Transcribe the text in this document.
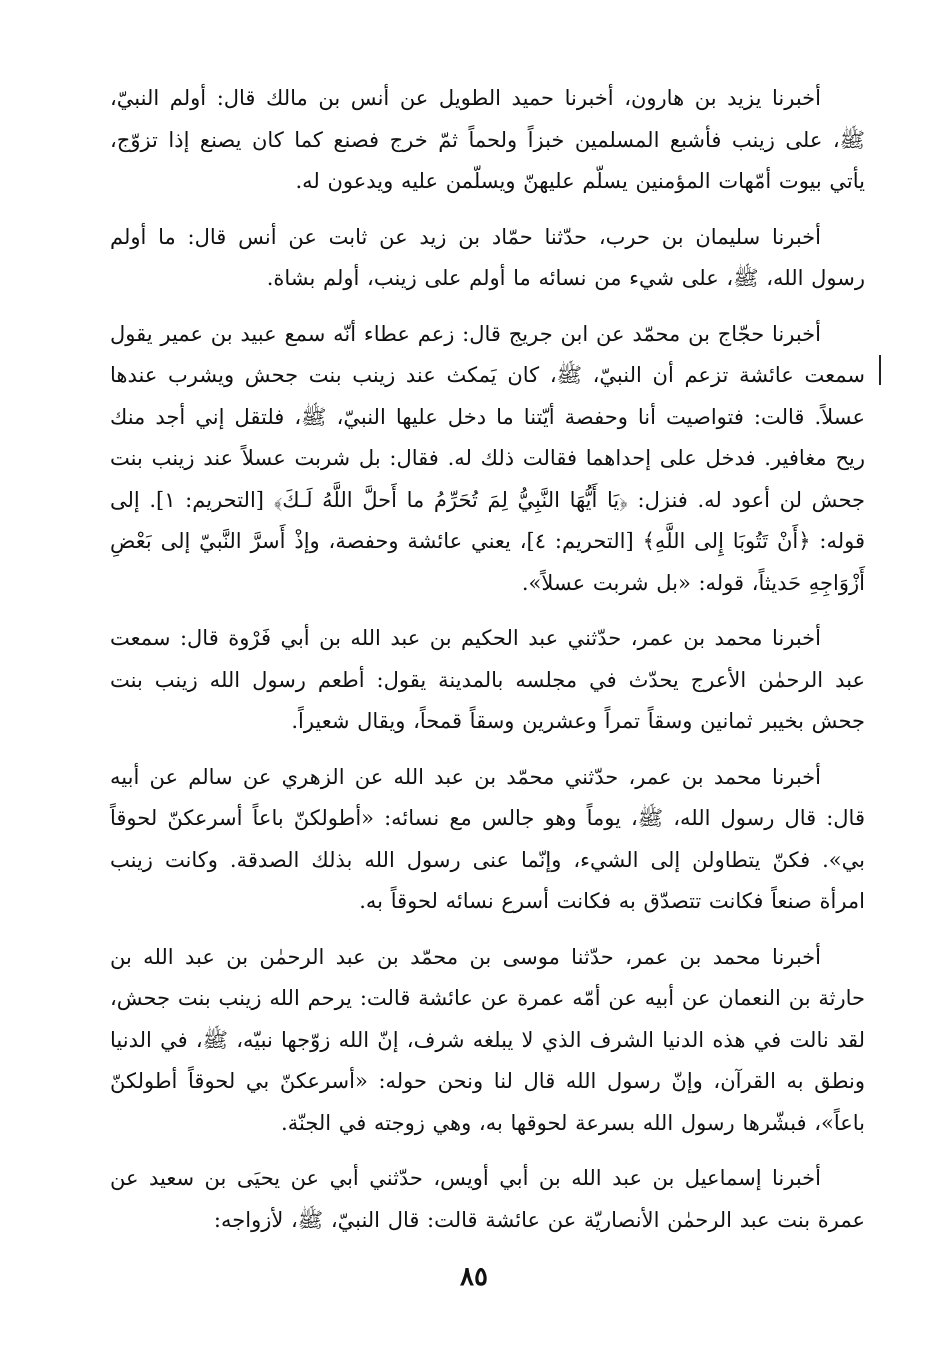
أخبرنا يزيد بن هارون، أخبرنا حميد الطويل عن أنس بن مالك قال: أولم النبيّ، ﷺ، على زينب فأشبع المسلمين خبزاً ولحماً ثمّ خرج فصنع كما كان يصنع إذا تزوّج، يأتي بيوت أمّهات المؤمنين يسلّم عليهنّ ويسلّمن عليه ويدعون له.

أخبرنا سليمان بن حرب، حدّثنا حمّاد بن زيد عن ثابت عن أنس قال: ما أولم رسول الله، ﷺ، على شيء من نسائه ما أولم على زينب، أولم بشاة.

أخبرنا حجّاج بن محمّد عن ابن جريج قال: زعم عطاء أنّه سمع عبيد بن عمير يقول سمعت عائشة تزعم أن النبيّ، ﷺ، كان يَمكث عند زينب بنت جحش ويشرب عندها عسلاً. قالت: فتواصيت أنا وحفصة أيّتنا ما دخل عليها النبيّ، ﷺ، فلتقل إني أجد منك ريح مغافير. فدخل على إحداهما فقالت ذلك له. فقال: بل شربت عسلاً عند زينب بنت جحش لن أعود له. فنزل: ﴿يَا أَيُّهَا النَّبِيُّ لِمَ تُحَرِّمُ ما أَحلَّ اللَّهُ لَـكَ﴾ [التحريم: ١]. إلى قوله: ﴿أَنْ تَتُوبَا إِلى اللَّهِ﴾ [التحريم: ٤]، يعني عائشة وحفصة، وإذْ أَسرَّ النَّبيّ إلى بَعْضِ أَزْوَاجِهِ حَديثاً، قوله: «بل شربت عسلاً».

أخبرنا محمد بن عمر، حدّثني عبد الحكيم بن عبد الله بن أبي فَرْوة قال: سمعت عبد الرحمٰن الأعرج يحدّث في مجلسه بالمدينة يقول: أطعم رسول الله زينب بنت جحش بخيبر ثمانين وسقاً تمراً وعشرين وسقاً قمحاً، ويقال شعيراً.

أخبرنا محمد بن عمر، حدّثني محمّد بن عبد الله عن الزهري عن سالم عن أبيه قال: قال رسول الله، ﷺ، يوماً وهو جالس مع نسائه: «أطولكنّ باعاً أسرعكنّ لحوقاً بي». فكنّ يتطاولن إلى الشيء، وإنّما عنى رسول الله بذلك الصدقة. وكانت زينب امرأة صنعاً فكانت تتصدّق به فكانت أسرع نسائه لحوقاً به.

أخبرنا محمد بن عمر، حدّثنا موسى بن محمّد بن عبد الرحمٰن بن عبد الله بن حارثة بن النعمان عن أبيه عن أمّه عمرة عن عائشة قالت: يرحم الله زينب بنت جحش، لقد نالت في هذه الدنيا الشرف الذي لا يبلغه شرف، إنّ الله زوّجها نبيّه، ﷺ، في الدنيا ونطق به القرآن، وإنّ رسول الله قال لنا ونحن حوله: «أسرعكنّ بي لحوقاً أطولكنّ باعاً»، فبشّرها رسول الله بسرعة لحوقها به، وهي زوجته في الجنّة.

أخبرنا إسماعيل بن عبد الله بن أبي أويس، حدّثني أبي عن يحيَى بن سعيد عن عمرة بنت عبد الرحمٰن الأنصاريّة عن عائشة قالت: قال النبيّ، ﷺ، لأزواجه:

٨٥
